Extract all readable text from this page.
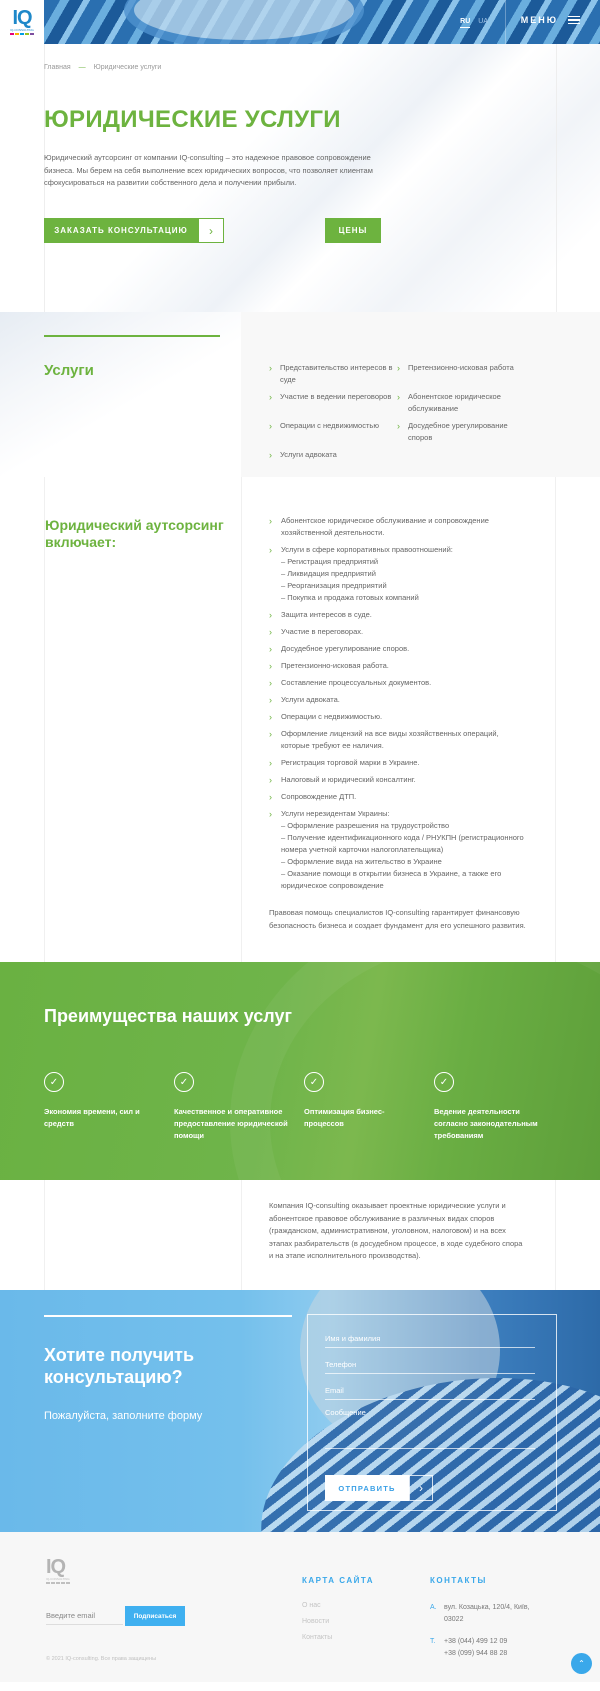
IQ
IQ-CONSULTING
RU UA	МЕНЮ
Главная — Юридические услуги
ЮРИДИЧЕСКИЕ УСЛУГИ

Юридический аутсорсинг от компании IQ-consulting – это надежное правовое сопровождение бизнеса. Мы берем на себя выполнение всех юридических вопросов, что позволяет клиентам сфокусироваться на развитии собственного дела и получении прибыли.

ЗАКАЗАТЬ КОНСУЛЬТАЦИЮ	›	ЦЕНЫ
Услуги	› Представительство интересов в суде
› Претензионно-исковая работа
› Участие в ведении переговоров › Абонентское юридическое обслуживание
› Операции с недвижимостью › Досудебное урегулирование споров
› Услуги адвоката
Юридический аутсорсинг включает:
› Абонентское юридическое обслуживание и сопровождение хозяйственной деятельности.
› Услуги в сфере корпоративных правоотношений:
– Регистрация предприятий
– Ликвидация предприятий
– Реорганизация предприятий
– Покупка и продажа готовых компаний
› Защита интересов в суде.
› Участие в переговорах.
› Досудебное урегулирование споров.
› Претензионно-исковая работа.
› Составление процессуальных документов.
› Услуги адвоката.
› Операции с недвижимостью.
› Оформление лицензий на все виды хозяйственных операций, которые требуют ее наличия.
› Регистрация торговой марки в Украине.
› Налоговый и юридический консалтинг.
› Сопровождение ДТП.
› Услуги нерезидентам Украины:
– Оформление разрешения на трудоустройство
– Получение идентификационного кода / РНУКПН (регистрационного номера учетной карточки налогоплательщика)
– Оформление вида на жительство в Украине
– Оказание помощи в открытии бизнеса в Украине, а также его юридическое сопровождение

Правовая помощь специалистов IQ-consulting гарантирует финансовую безопасность бизнеса и создает фундамент для его успешного развития.

Преимущества наших услуг
✓
Экономия времени, сил и средств
✓
Качественное и оперативное предоставление юридической помощи
✓
Оптимизация бизнес-процессов
✓
Ведение деятельности согласно законодательным требованиям
Компания IQ-consulting оказывает проектные юридические услуги и абонентское правовое обслуживание в различных видах споров (гражданском, административном, уголовном, налоговом) и на всех этапах разбирательств (в досудебном процессе, в ходе судебного спора и на этапе исполнительного производства).
Хотите получить
консультацию?

Пожалуйста, заполните форму

Имя и фамилия
Телефон
Email
Сообщение
ОТПРАВИТЬ	›
IQ
IQ-CONSULTING
Введите email
Подписаться
© 2021 IQ-consulting. Все права защищены
КАРТА САЙТА
О нас
Новости
Контакты
КОНТАКТЫ
А. вул. Козацька, 120/4, Київ, 03022
Т.	+38 (044) 499 12 09
+38 (099) 944 88 28
⌃
